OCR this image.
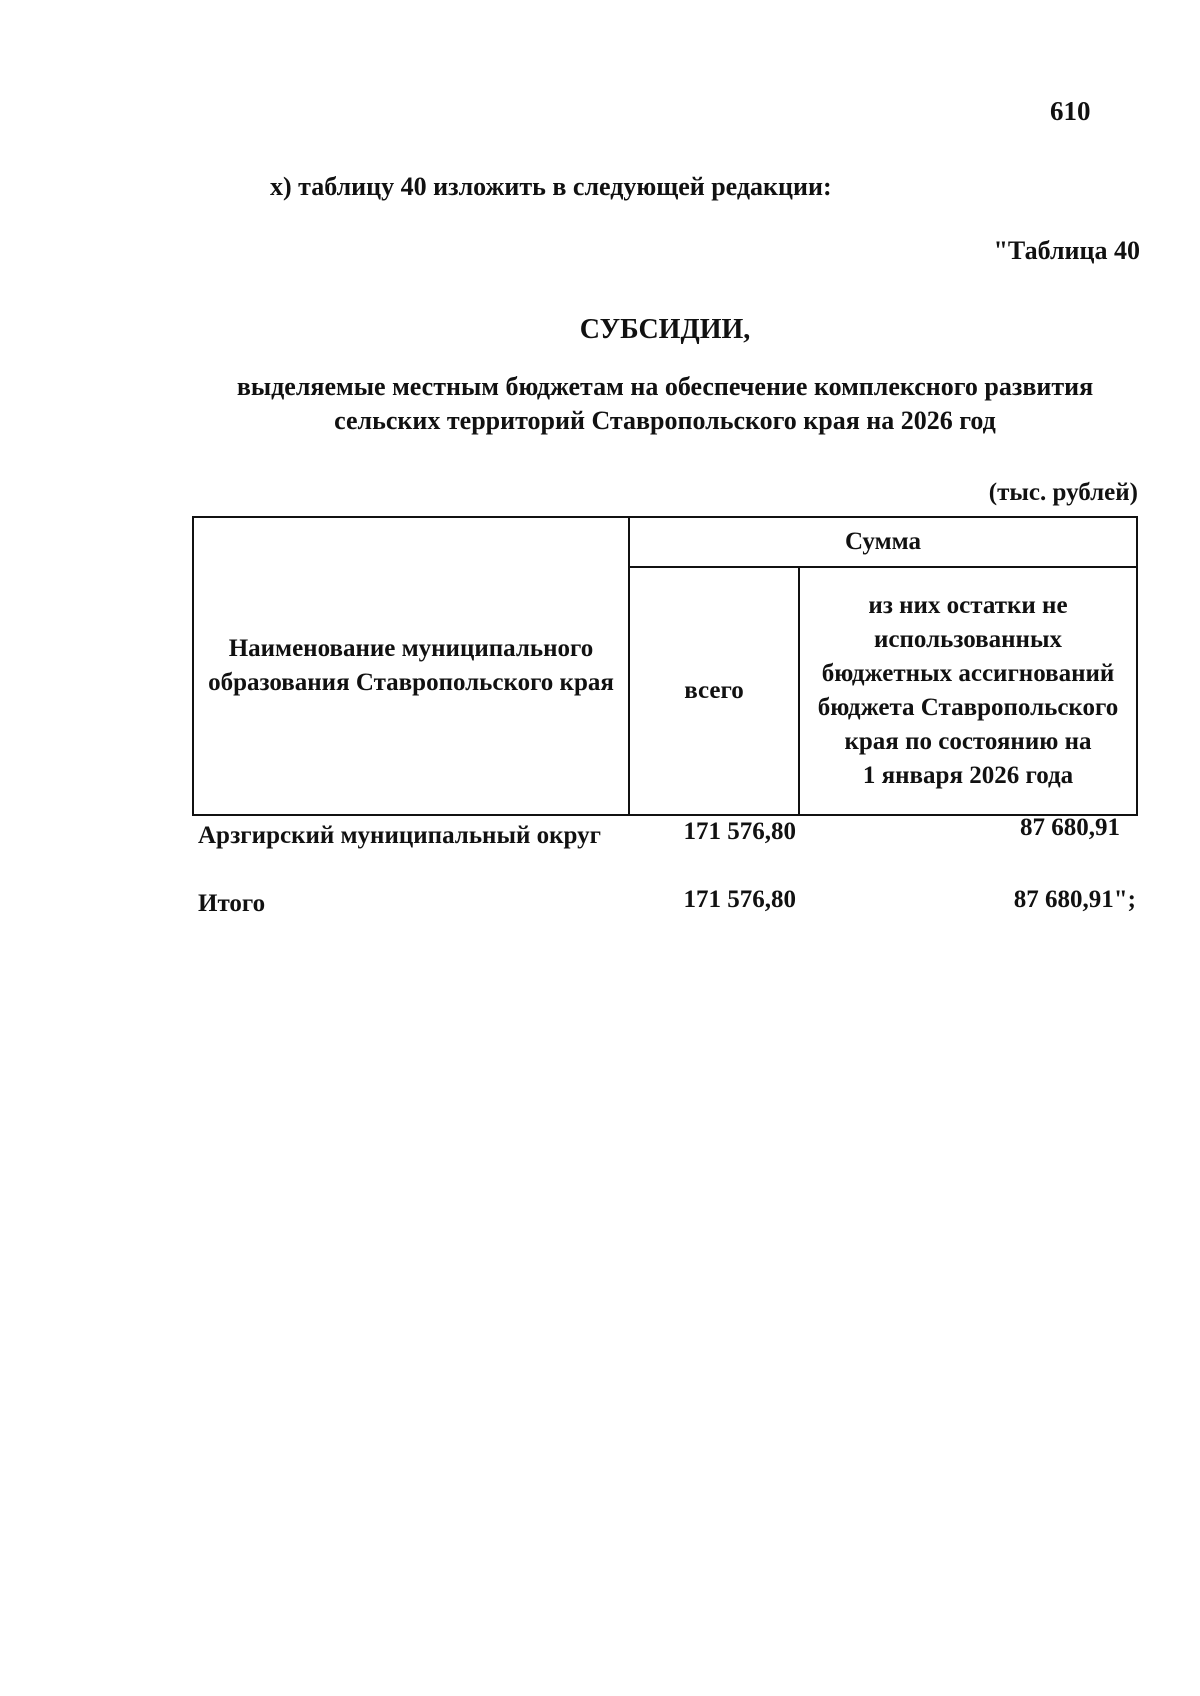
610
х) таблицу 40 изложить в следующей редакции:
"Таблица 40
СУБСИДИИ,
выделяемые местным бюджетам на обеспечение комплексного развития
сельских территорий Ставропольского края на 2026 год
(тыс. рублей)
Наименование муниципального
образования Ставропольского края
Сумма
всего
из них остатки не
использованных
бюджетных ассигнований
бюджета Ставропольского
края по состоянию на
1 января 2026 года
Арзгирский муниципальный округ	171 576,80	87 680,91
Итого	171 576,80	87 680,91";
